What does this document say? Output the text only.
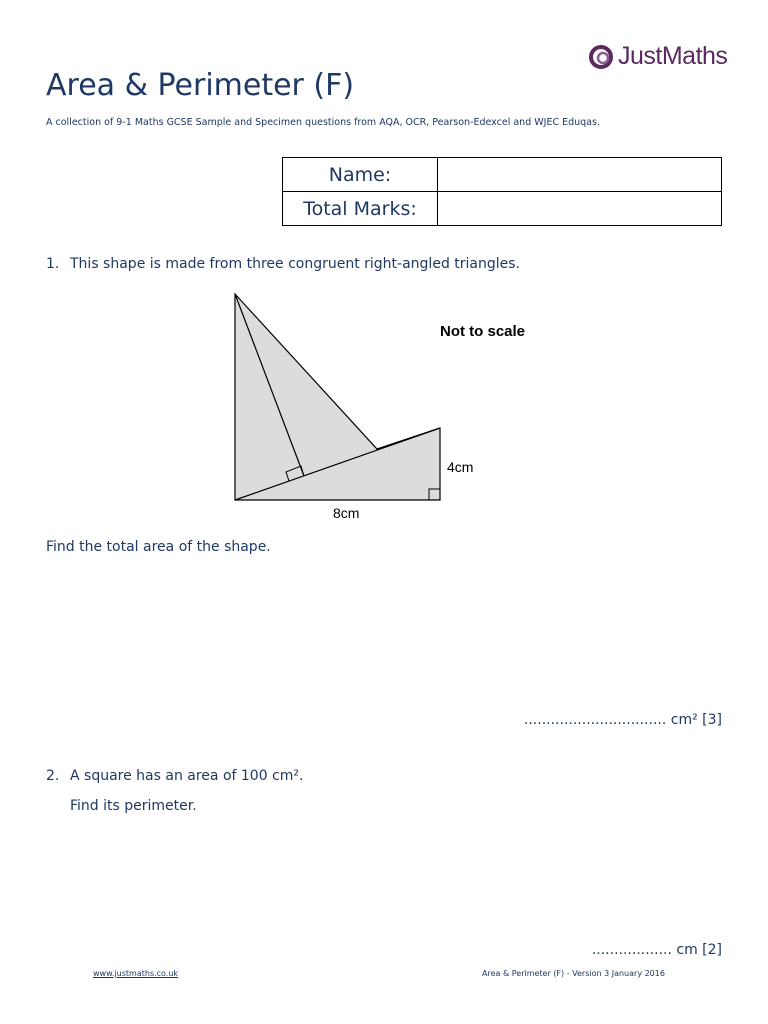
JustMaths
Area & Perimeter (F)
A collection of 9-1 Maths GCSE Sample and Specimen questions from AQA, OCR, Pearson-Edexcel and WJEC Eduqas.
Name:	
Total Marks:	
1. This shape is made from three congruent right-angled triangles.
Not to scale
4cm
8cm
Find the total area of the shape.
................................ cm² [3]
2. A square has an area of 100 cm².
Find its perimeter.
.................. cm [2]
www.justmaths.co.uk	Area & Perimeter (F) - Version 3 January 2016
